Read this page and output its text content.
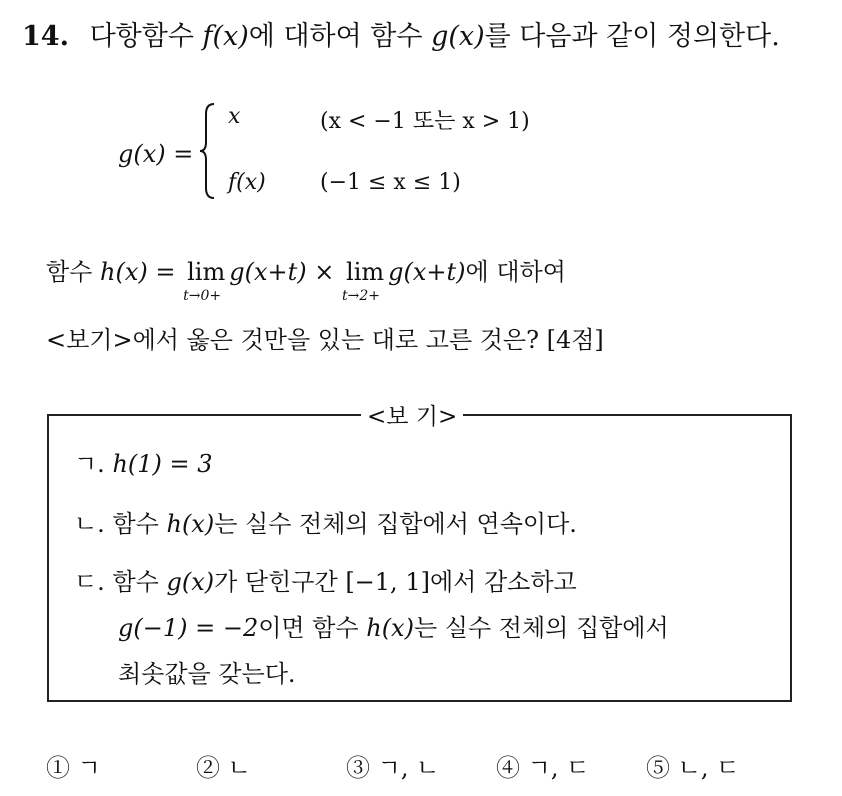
14. 다항함수 f(x)에 대하여 함수 g(x)를 다음과 같이 정의한다.
g(x) =
x	(x < −1 또는 x > 1)
f(x) (−1 ≤ x ≤ 1)
함수 h(x) = lim
t→0+
g(x+t) × lim
t→2+
g(x+t)에 대하여
<보기>에서 옳은 것만을 있는 대로 고른 것은? [4점]
<보 기>
ㄱ. h(1) = 3
ㄴ. 함수 h(x)는 실수 전체의 집합에서 연속이다.
ㄷ. 함수 g(x)가 닫힌구간 [−1, 1]에서 감소하고
g(−1) = −2이면 함수 h(x)는 실수 전체의 집합에서
최솟값을 갖는다.
① ㄱ	② ㄴ	③ ㄱ, ㄴ ④ ㄱ, ㄷ ⑤ ㄴ, ㄷ
